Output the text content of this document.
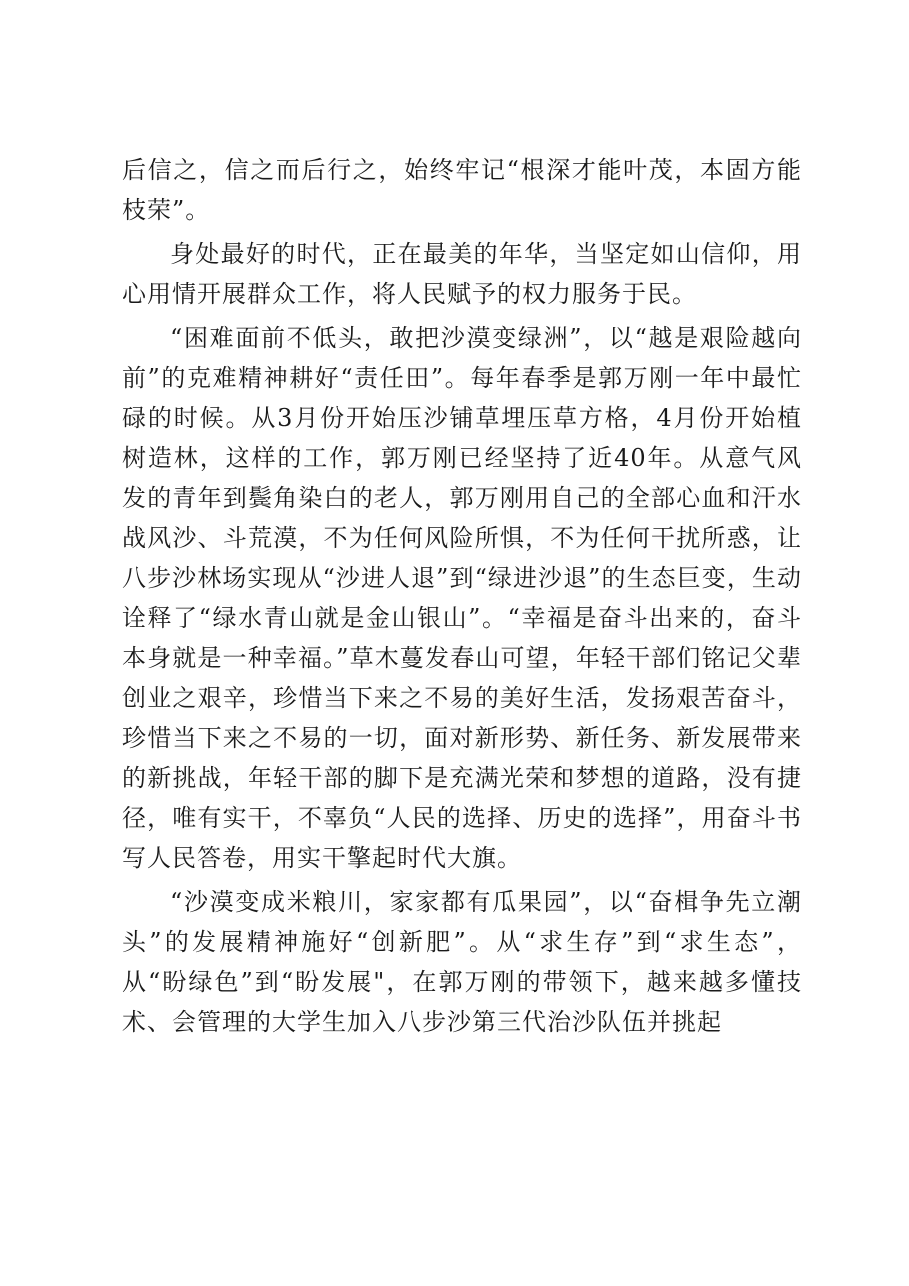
后信之，信之而后行之，始终牢记“根深才能叶茂，本固方能枝荣”。

身处最好的时代，正在最美的年华，当坚定如山信仰，用心用情开展群众工作，将人民赋予的权力服务于民。

“困难面前不低头，敢把沙漠变绿洲”，以“越是艰险越向前”的克难精神耕好“责任田”。每年春季是郭万刚一年中最忙碌的时候。从3月份开始压沙铺草埋压草方格，4月份开始植树造林，这样的工作，郭万刚已经坚持了近40年。从意气风发的青年到鬓角染白的老人，郭万刚用自己的全部心血和汗水战风沙、斗荒漠，不为任何风险所惧，不为任何干扰所惑，让八步沙林场实现从“沙进人退”到“绿进沙退”的生态巨变，生动诠释了“绿水青山就是金山银山”。“幸福是奋斗出来的，奋斗本身就是一种幸福。”草木蔓发春山可望，年轻干部们铭记父辈创业之艰辛，珍惜当下来之不易的美好生活，发扬艰苦奋斗，珍惜当下来之不易的一切，面对新形势、新任务、新发展带来的新挑战，年轻干部的脚下是充满光荣和梦想的道路，没有捷径，唯有实干，不辜负“人民的选择、历史的选择”，用奋斗书写人民答卷，用实干擎起时代大旗。

“沙漠变成米粮川，家家都有瓜果园”，以“奋楫争先立潮头”的发展精神施好“创新肥”。从“求生存”到“求生态”，从“盼绿色”到“盼发展"，在郭万刚的带领下，越来越多懂技术、会管理的大学生加入八步沙第三代治沙队伍并挑起
